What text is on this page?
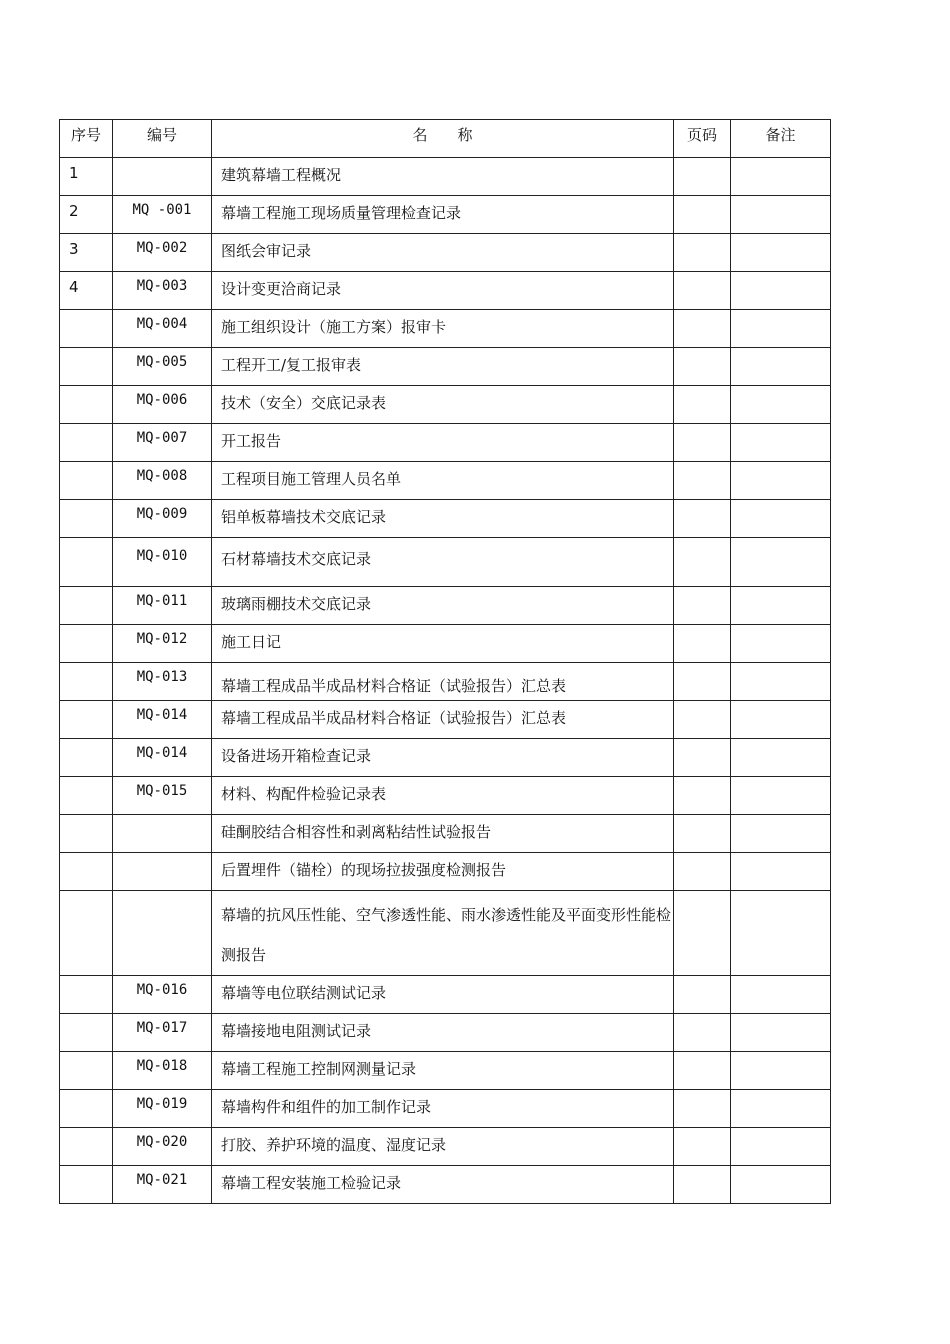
序号	编号	名　　称	页码	备注
1		建筑幕墙工程概况		
2	MQ -001	幕墙工程施工现场质量管理检查记录		
3	MQ-002	图纸会审记录		
4	MQ-003	设计变更洽商记录		
	MQ-004	施工组织设计（施工方案）报审卡		
	MQ-005	工程开工/复工报审表		
	MQ-006	技术（安全）交底记录表		
	MQ-007	开工报告		
	MQ-008	工程项目施工管理人员名单		
	MQ-009	铝单板幕墙技术交底记录		
	MQ-010	石材幕墙技术交底记录		
	MQ-011	玻璃雨棚技术交底记录		
	MQ-012	施工日记		
	MQ-013	幕墙工程成品半成品材料合格证（试验报告）汇总表		
	MQ-014	幕墙工程成品半成品材料合格证（试验报告）汇总表		
	MQ-014	设备进场开箱检查记录		
	MQ-015	材料、构配件检验记录表		
		硅酮胶结合相容性和剥离粘结性试验报告		
		后置埋件（锚栓）的现场拉拔强度检测报告		
		幕墙的抗风压性能、空气渗透性能、雨水渗透性能及平面变形性能检测报告		
	MQ-016	幕墙等电位联结测试记录		
	MQ-017	幕墙接地电阻测试记录		
	MQ-018	幕墙工程施工控制网测量记录		
	MQ-019	幕墙构件和组件的加工制作记录		
	MQ-020	打胶、养护环境的温度、湿度记录		
	MQ-021	幕墙工程安装施工检验记录		
